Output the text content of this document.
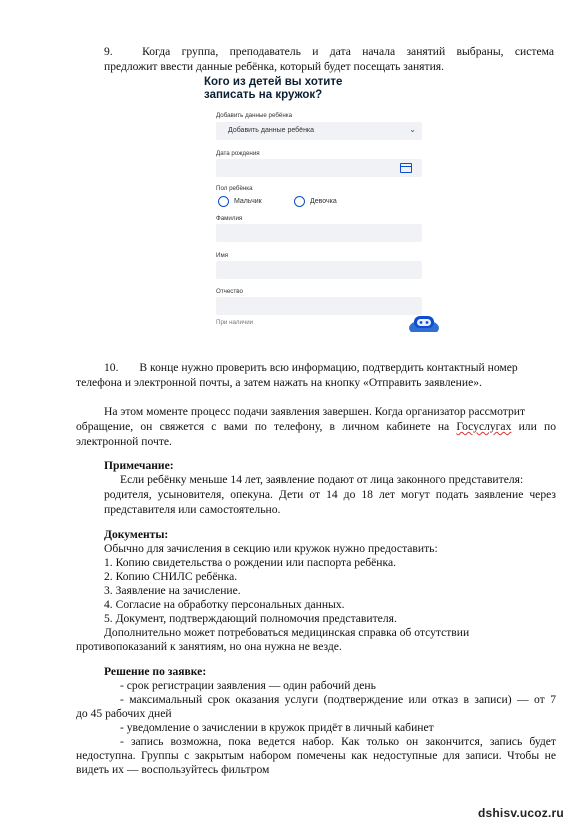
9.	Когда группа, преподаватель и дата начала занятий выбраны, система
предложит ввести данные ребёнка, который будет посещать занятия.
Кого из детей вы хотите
записать на кружок?
Добавить данные ребёнка
Добавить данные ребёнка	⌄
Дата рождения
Пол ребёнка
Мальчик	Девочка
Фамилия
Имя
Отчество
При наличии
10. В конце нужно проверить всю информацию, подтвердить контактный номер
телефона и электронной почты, а затем нажать на кнопку «Отправить заявление».
На этом моменте процесс подачи заявления завершен. Когда организатор рассмотрит
обращение, он свяжется с вами по телефону, в личном кабинете на Госуслугах или по
электронной почте.
Примечание:
Если ребёнку меньше 14 лет, заявление подают от лица законного представителя:
родителя, усыновителя, опекуна. Дети от 14 до 18 лет могут подать заявление через
представителя или самостоятельно.
Документы:
Обычно для зачисления в секцию или кружок нужно предоставить:
1. Копию свидетельства о рождении или паспорта ребёнка.
2. Копию СНИЛС ребёнка.
3. Заявление на зачисление.
4. Согласие на обработку персональных данных.
5. Документ, подтверждающий полномочия представителя.
Дополнительно может потребоваться медицинская справка об отсутствии
противопоказаний к занятиям, но она нужна не везде.
Решение по заявке:
- срок регистрации заявления — один рабочий день
- максимальный срок оказания услуги (подтверждение или отказ в записи) — от 7
до 45 рабочих дней
- уведомление о зачислении в кружок придёт в личный кабинет
- запись возможна, пока ведется набор. Как только он закончится, запись будет
недоступна. Группы с закрытым набором помечены как недоступные для записи. Чтобы не
видеть их — воспользуйтесь фильтром
dshisv.ucoz.ru
